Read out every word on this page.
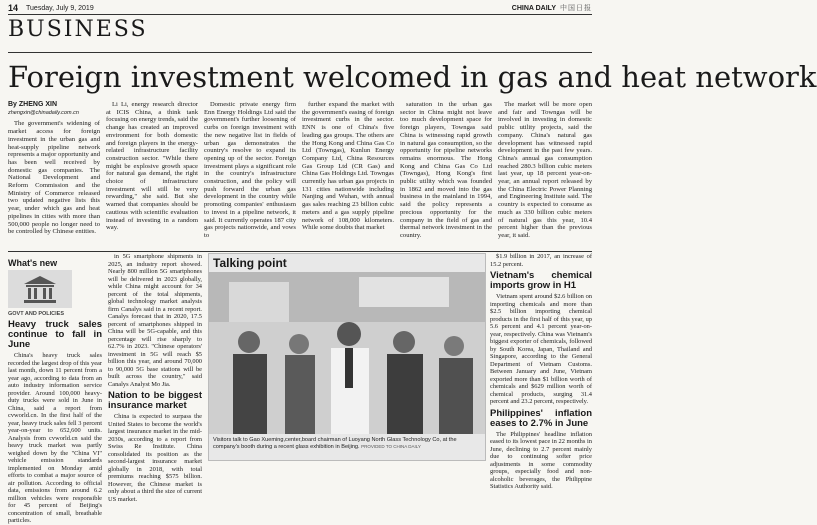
14 Tuesday, July 9, 2019	CHINA DAILY 中国日报
BUSINESS
Foreign investment welcomed in gas and heat network
By ZHENG XIN
zhengxin@chinadaily.com.cn

The government's widening of market access for foreign investment in the urban gas and heat-supply pipeline network represents a major opportunity and has been well received by domestic gas companies. The National Development and Reform Commission and the Ministry of Commerce released two updated negative lists this year, under which gas and heat pipelines in cities with more than 500,000 people no longer need to be controlled by Chinese entities.

Li Li, energy research director at ICIS China, a think tank focusing on energy trends, said the change has created an improved environment for both domestic and foreign players in the energy-related infrastructure facility construction sector. "While there might be explosive growth space for natural gas demand, the right choice of infrastructure investment will still be very rewarding," she said. But she warned that companies should be cautious with scientific evaluation instead of investing in a random way.

Domestic private energy firm Enn Energy Holdings Ltd said the government's further loosening of curbs on foreign investment with the new negative list in fields of urban gas demonstrates the country's resolve to expand its opening up of the sector. Foreign investment plays a significant role in the country's infrastructure construction, and the policy will push forward the urban gas development in the country while promoting companies' enthusiasm to invest in a pipeline network, it said. It currently operates 187 city gas projects nationwide, and vows to

further expand the market with the government's easing of foreign investment curbs in the sector. ENN is one of China's five leading gas groups. The others are the Hong Kong and China Gas Co Ltd (Towngas), Kunlun Energy Company Ltd, China Resources Gas Group Ltd (CR Gas) and China Gas Holdings Ltd. Towngas currently has urban gas projects in 131 cities nationwide including Nanjing and Wuhan, with annual gas sales reaching 23 billion cubic meters and a gas supply pipeline network of 108,000 kilometers. While some doubts that market

saturation in the urban gas sector in China might not leave too much development space for foreign players, Towngas said China is witnessing rapid growth in natural gas consumption, so the opportunity for pipeline networks remains enormous. The Hong Kong and China Gas Co Ltd (Towngas), Hong Kong's first public utility which was founded in 1862 and moved into the gas business in the mainland in 1994, said the policy represents a precious opportunity for the company in the field of gas and thermal network investment in the country.

The market will be more open and fair and Towngas will be involved in investing in domestic public utility projects, said the company. China's natural gas development has witnessed rapid development in the past few years. China's annual gas consumption reached 280.3 billion cubic meters last year, up 18 percent year-on-year, an annual report released by the China Electric Power Planning and Engineering Institute said. The country is expected to consume as much as 330 billion cubic meters of natural gas this year, 10.4 percent higher than the previous year, it said.

What's new
GOVT AND POLICIES
Heavy truck sales continue to fall in June

China's heavy truck sales recorded the largest drop of this year last month, down 11 percent from a year ago, according to data from an auto industry information service provider. Around 100,000 heavy-duty trucks were sold in June in China, said a report from cvworld.cn. In the first half of the year, heavy truck sales fell 3 percent year-on-year to 652,600 units. Analysis from cvworld.cn said the heavy truck market was partly weighed down by the "China VI" vehicle emission standards implemented on Monday amid efforts to combat a major source of air pollution. According to official data, emissions from around 6.2 million vehicles were responsible for 45 percent of Beijing's concentration of small, breathable particles.

in 5G smartphone shipments in 2025, an industry report showed. Nearly 800 million 5G smartphones will be delivered in 2023 globally, while China might account for 34 percent of the total shipments, global technology market analysis firm Canalys said in a recent report. Canalys forecast that in 2020, 17.5 percent of smartphones shipped in China will be 5G-capable, and this percentage will rise sharply to 62.7% in 2023. "Chinese operators' investment in 5G will reach $5 billion this year, and around 70,000 to 90,000 5G base stations will be built across the country," said Canalys Analyst Mo Jia.

Nation to be biggest insurance market

China is expected to surpass the United States to become the world's largest insurance market in the mid-2030s, according to a report from Swiss Re Institute. China consolidated its position as the second-largest insurance market globally in 2018, with total premiums reaching $575 billion. However, the Chinese market is only about a third the size of current US market.

Talking point
Visitors talk to Gao Xueming,center,board chairman of Luoyang North Glass Technology Co, at the company's booth during a recent glass exhibition in Beijing. PROVIDED TO CHINA DAILY

$1.9 billion in 2017, an increase of 15.2 percent.

Vietnam's chemical imports grow in H1

Vietnam spent around $2.6 billion on importing chemicals and more than $2.5 billion importing chemical products in the first half of this year, up 5.6 percent and 4.1 percent year-on-year, respectively. China was Vietnam's biggest exporter of chemicals, followed by South Korea, Japan, Thailand and Singapore, according to the General Department of Vietnam Customs. Between January and June, Vietnam exported more than $1 billion worth of chemicals and $629 million worth of chemical products, surging 31.4 percent and 23.2 percent, respectively.

Philippines' inflation eases to 2.7% in June

The Philippines' headline inflation eased to its lowest pace in 22 months in June, declining to 2.7 percent mainly due to continuing softer price adjustments in some commodity groups, especially food and non-alcoholic beverages, the Philippine Statistics Authority said.
